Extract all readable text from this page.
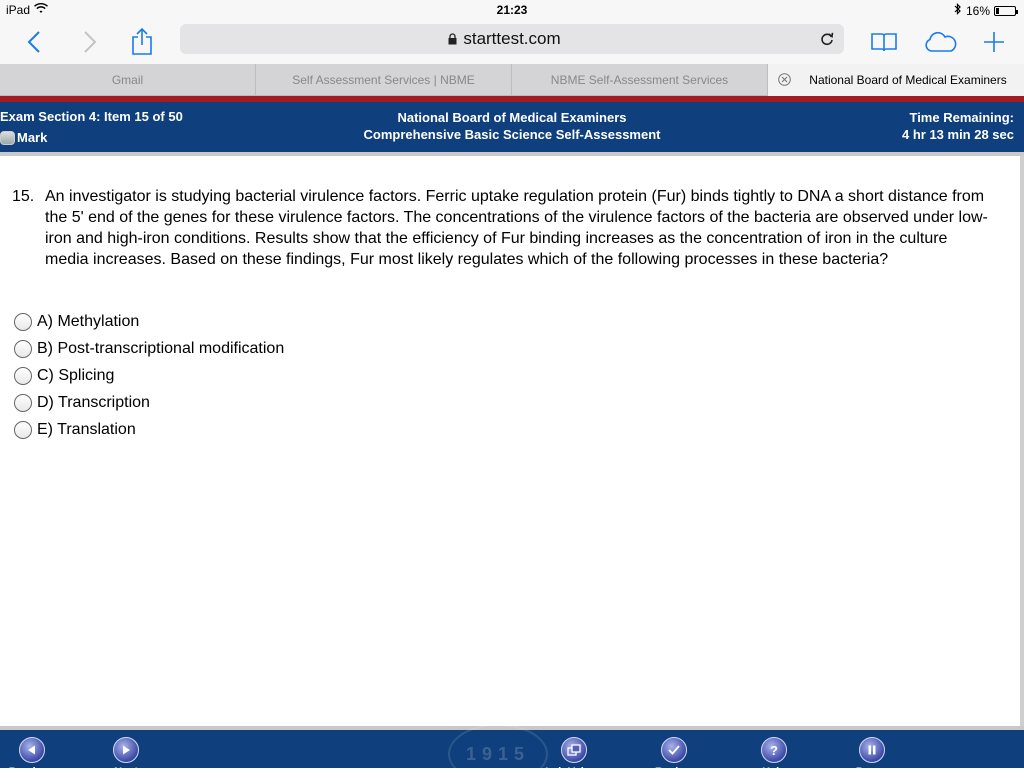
iPad	21:23	16%
starttest.com
Gmail	Self Assessment Services | NBME	NBME Self-Assessment Services	National Board of Medical Examiners
Exam Section 4: Item 15 of 50
Mark
National Board of Medical Examiners
Comprehensive Basic Science Self-Assessment
Time Remaining:
4 hr 13 min 28 sec
15. An investigator is studying bacterial virulence factors. Ferric uptake regulation protein (Fur) binds tightly to DNA a short distance from the 5' end of the genes for these virulence factors. The concentrations of the virulence factors of the bacteria are observed under low-iron and high-iron conditions. Results show that the efficiency of Fur binding increases as the concentration of iron in the culture media increases. Based on these findings, Fur most likely regulates which of the following processes in these bacteria?
A) Methylation
B) Post-transcriptional modification
C) Splicing
D) Transcription
E) Translation
1915
Previous	Next	Lab Values	Review
?
Help	Pause
